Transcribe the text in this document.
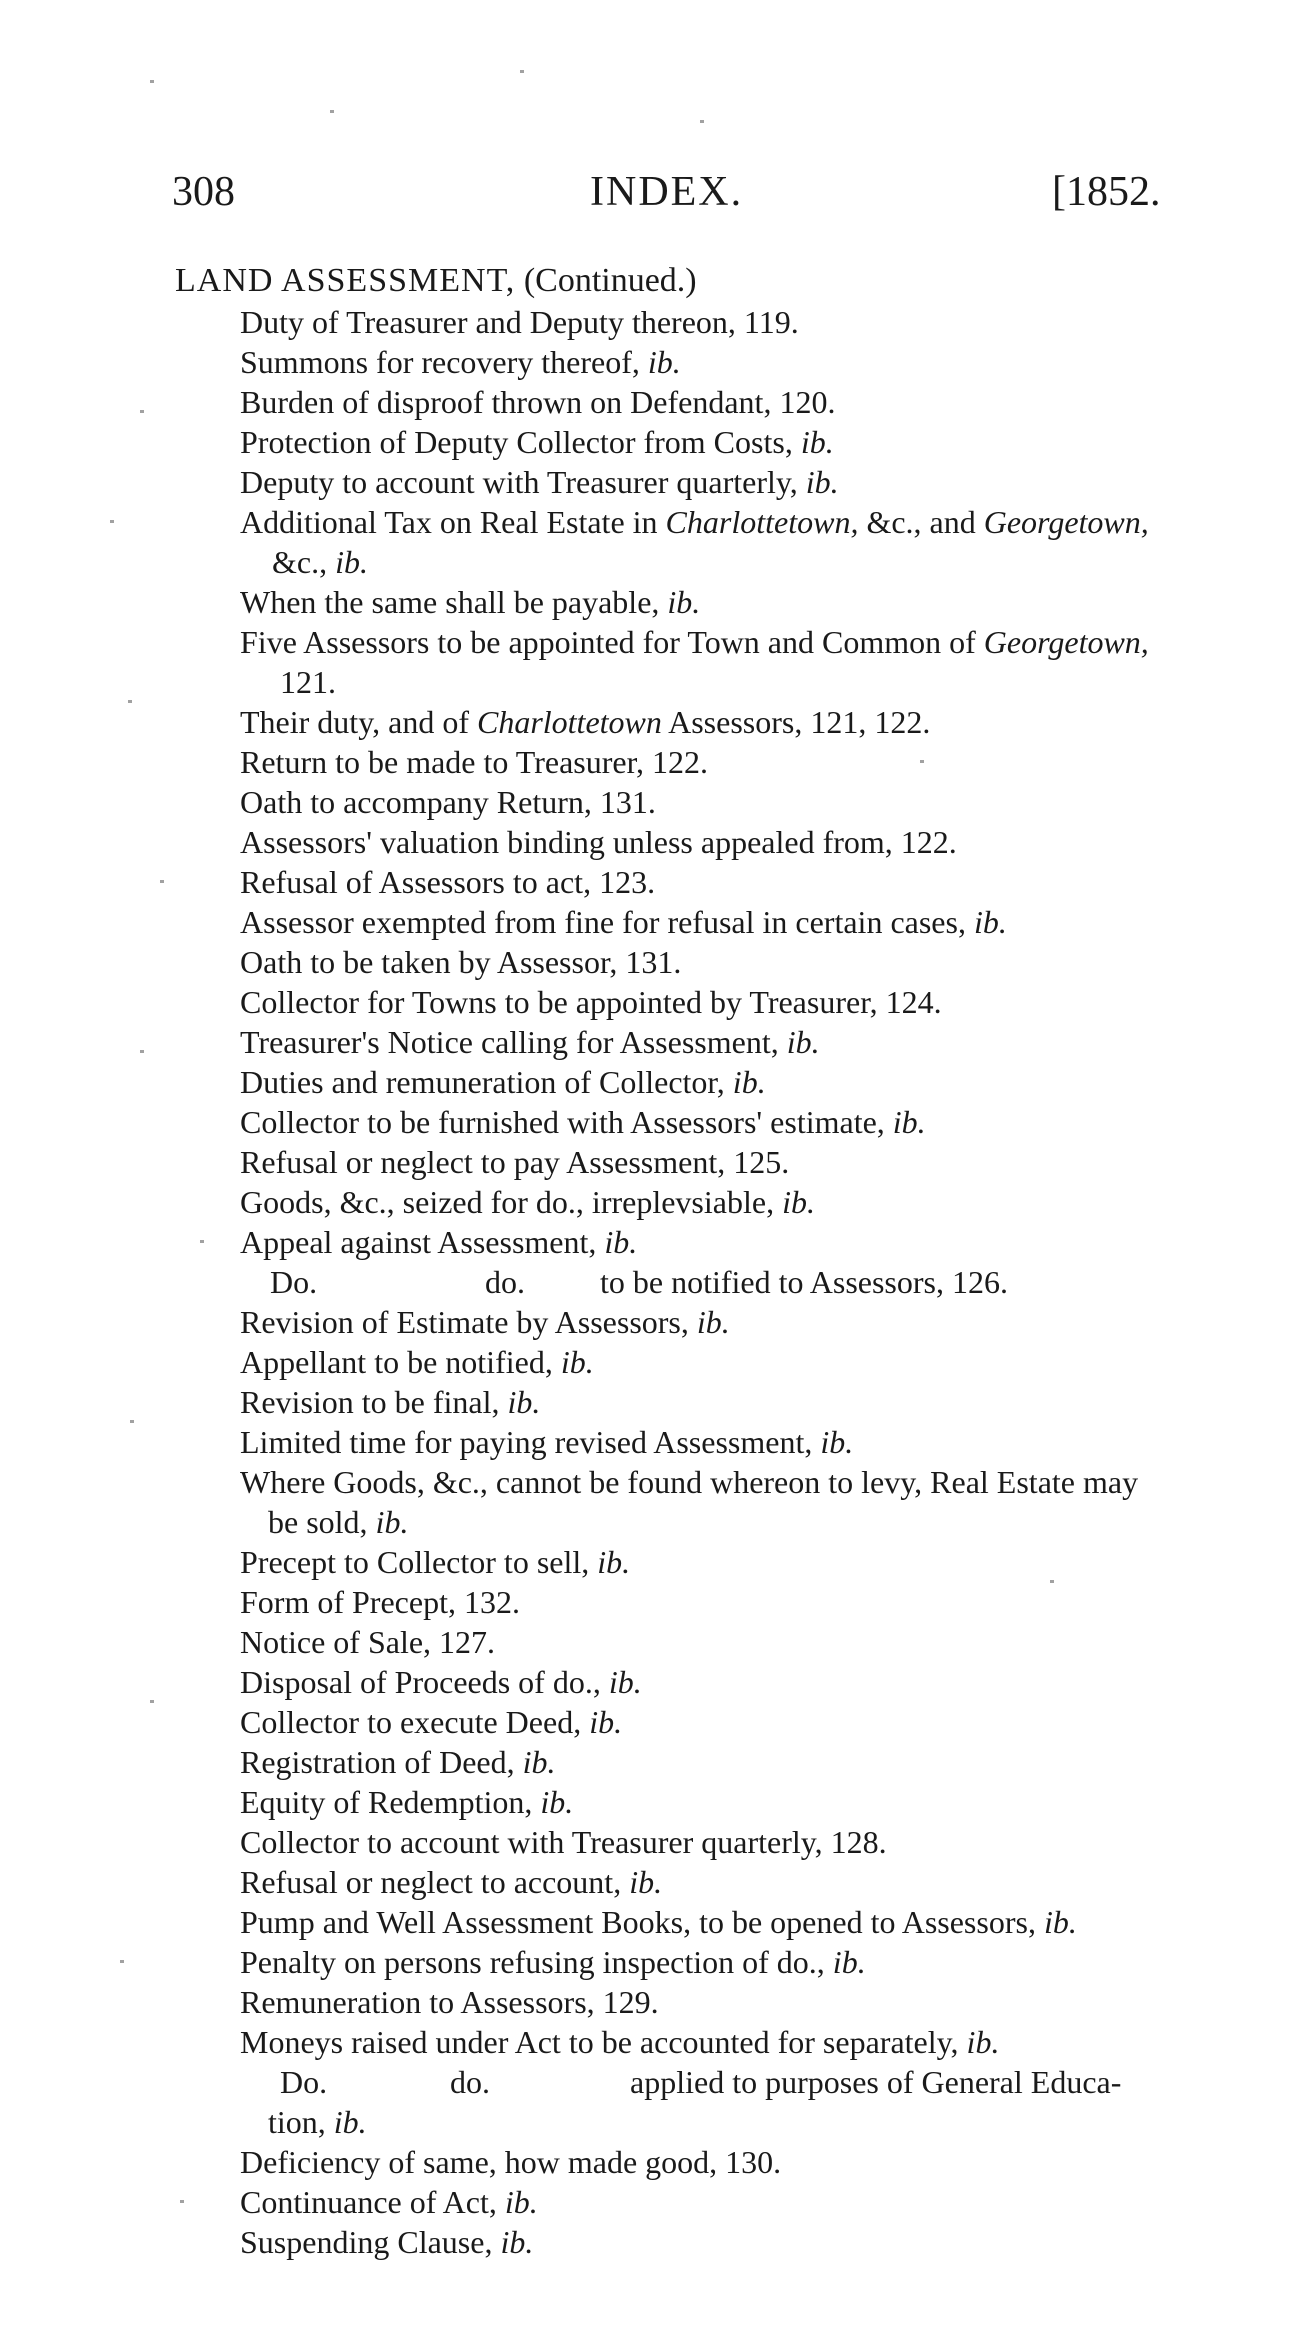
308	INDEX.	[1852.
LAND ASSESSMENT, (Continued.)
Duty of Treasurer and Deputy thereon, 119.
Summons for recovery thereof, ib.
Burden of disproof thrown on Defendant, 120.
Protection of Deputy Collector from Costs, ib.
Deputy to account with Treasurer quarterly, ib.
Additional Tax on Real Estate in Charlottetown, &c., and Georgetown,
&c., ib.
When the same shall be payable, ib.
Five Assessors to be appointed for Town and Common of Georgetown,
121.
Their duty, and of Charlottetown Assessors, 121, 122.
Return to be made to Treasurer, 122.
Oath to accompany Return, 131.
Assessors' valuation binding unless appealed from, 122.
Refusal of Assessors to act, 123.
Assessor exempted from fine for refusal in certain cases, ib.
Oath to be taken by Assessor, 131.
Collector for Towns to be appointed by Treasurer, 124.
Treasurer's Notice calling for Assessment, ib.
Duties and remuneration of Collector, ib.
Collector to be furnished with Assessors' estimate, ib.
Refusal or neglect to pay Assessment, 125.
Goods, &c., seized for do., irreplevsiable, ib.
Appeal against Assessment, ib.
Do.	do. to be notified to Assessors, 126.
Revision of Estimate by Assessors, ib.
Appellant to be notified, ib.
Revision to be final, ib.
Limited time for paying revised Assessment, ib.
Where Goods, &c., cannot be found whereon to levy, Real Estate may
be sold, ib.
Precept to Collector to sell, ib.
Form of Precept, 132.
Notice of Sale, 127.
Disposal of Proceeds of do., ib.
Collector to execute Deed, ib.
Registration of Deed, ib.
Equity of Redemption, ib.
Collector to account with Treasurer quarterly, 128.
Refusal or neglect to account, ib.
Pump and Well Assessment Books, to be opened to Assessors, ib.
Penalty on persons refusing inspection of do., ib.
Remuneration to Assessors, 129.
Moneys raised under Act to be accounted for separately, ib.
Do.	do.	applied to purposes of General Educa-
tion, ib.
Deficiency of same, how made good, 130.
Continuance of Act, ib.
Suspending Clause, ib.
